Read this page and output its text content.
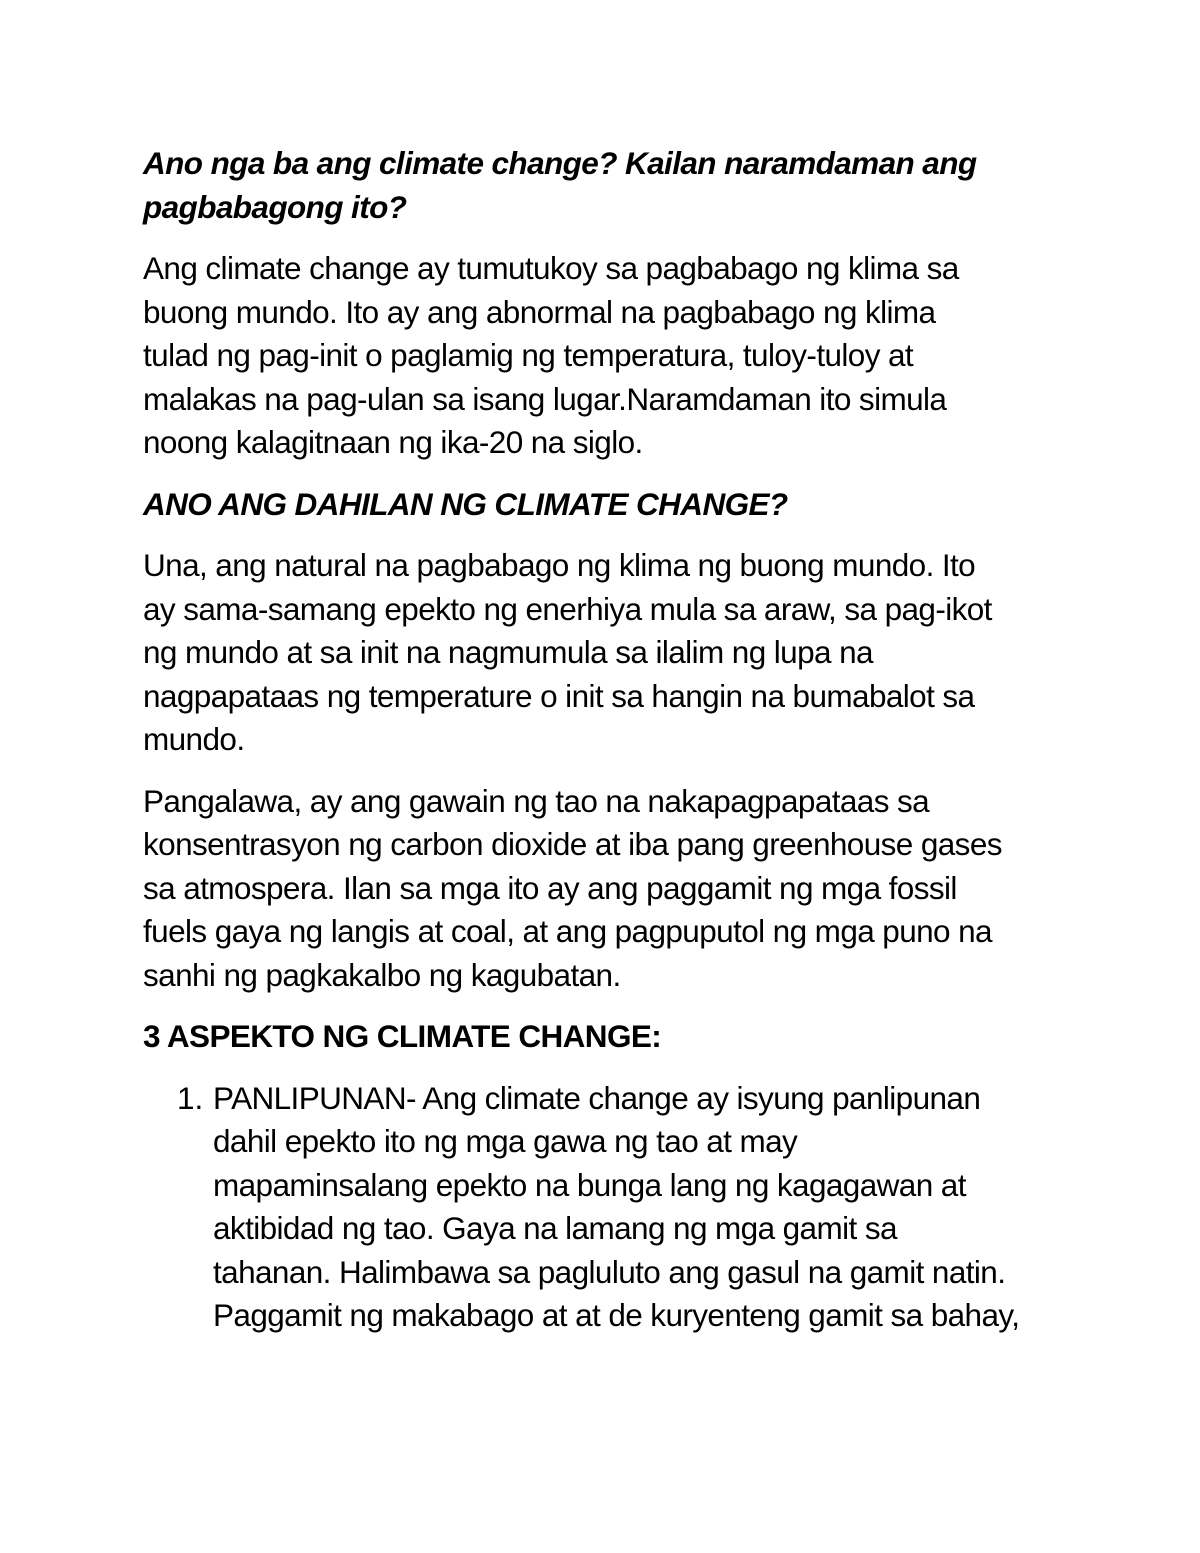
Ano nga ba ang climate change? Kailan naramdaman ang
pagbabagong ito?
Ang climate change ay tumutukoy sa pagbabago ng klima sa
buong mundo. Ito ay ang abnormal na pagbabago ng klima
tulad ng pag-init o paglamig ng temperatura, tuloy-tuloy at
malakas na pag-ulan sa isang lugar.Naramdaman ito simula
noong kalagitnaan ng ika-20 na siglo.
ANO ANG DAHILAN NG CLIMATE CHANGE?
Una, ang natural na pagbabago ng klima ng buong mundo. Ito
ay sama-samang epekto ng enerhiya mula sa araw, sa pag-ikot
ng mundo at sa init na nagmumula sa ilalim ng lupa na
nagpapataas ng temperature o init sa hangin na bumabalot sa
mundo.
Pangalawa, ay ang gawain ng tao na nakapagpapataas sa
konsentrasyon ng carbon dioxide at iba pang greenhouse gases
sa atmospera. Ilan sa mga ito ay ang paggamit ng mga fossil
fuels gaya ng langis at coal, at ang pagpuputol ng mga puno na
sanhi ng pagkakalbo ng kagubatan.
3 ASPEKTO NG CLIMATE CHANGE:
1. PANLIPUNAN- Ang climate change ay isyung panlipunan
dahil epekto ito ng mga gawa ng tao at may
mapaminsalang epekto na bunga lang ng kagagawan at
aktibidad ng tao. Gaya na lamang ng mga gamit sa
tahanan. Halimbawa sa pagluluto ang gasul na gamit natin.
Paggamit ng makabago at at de kuryenteng gamit sa bahay,
